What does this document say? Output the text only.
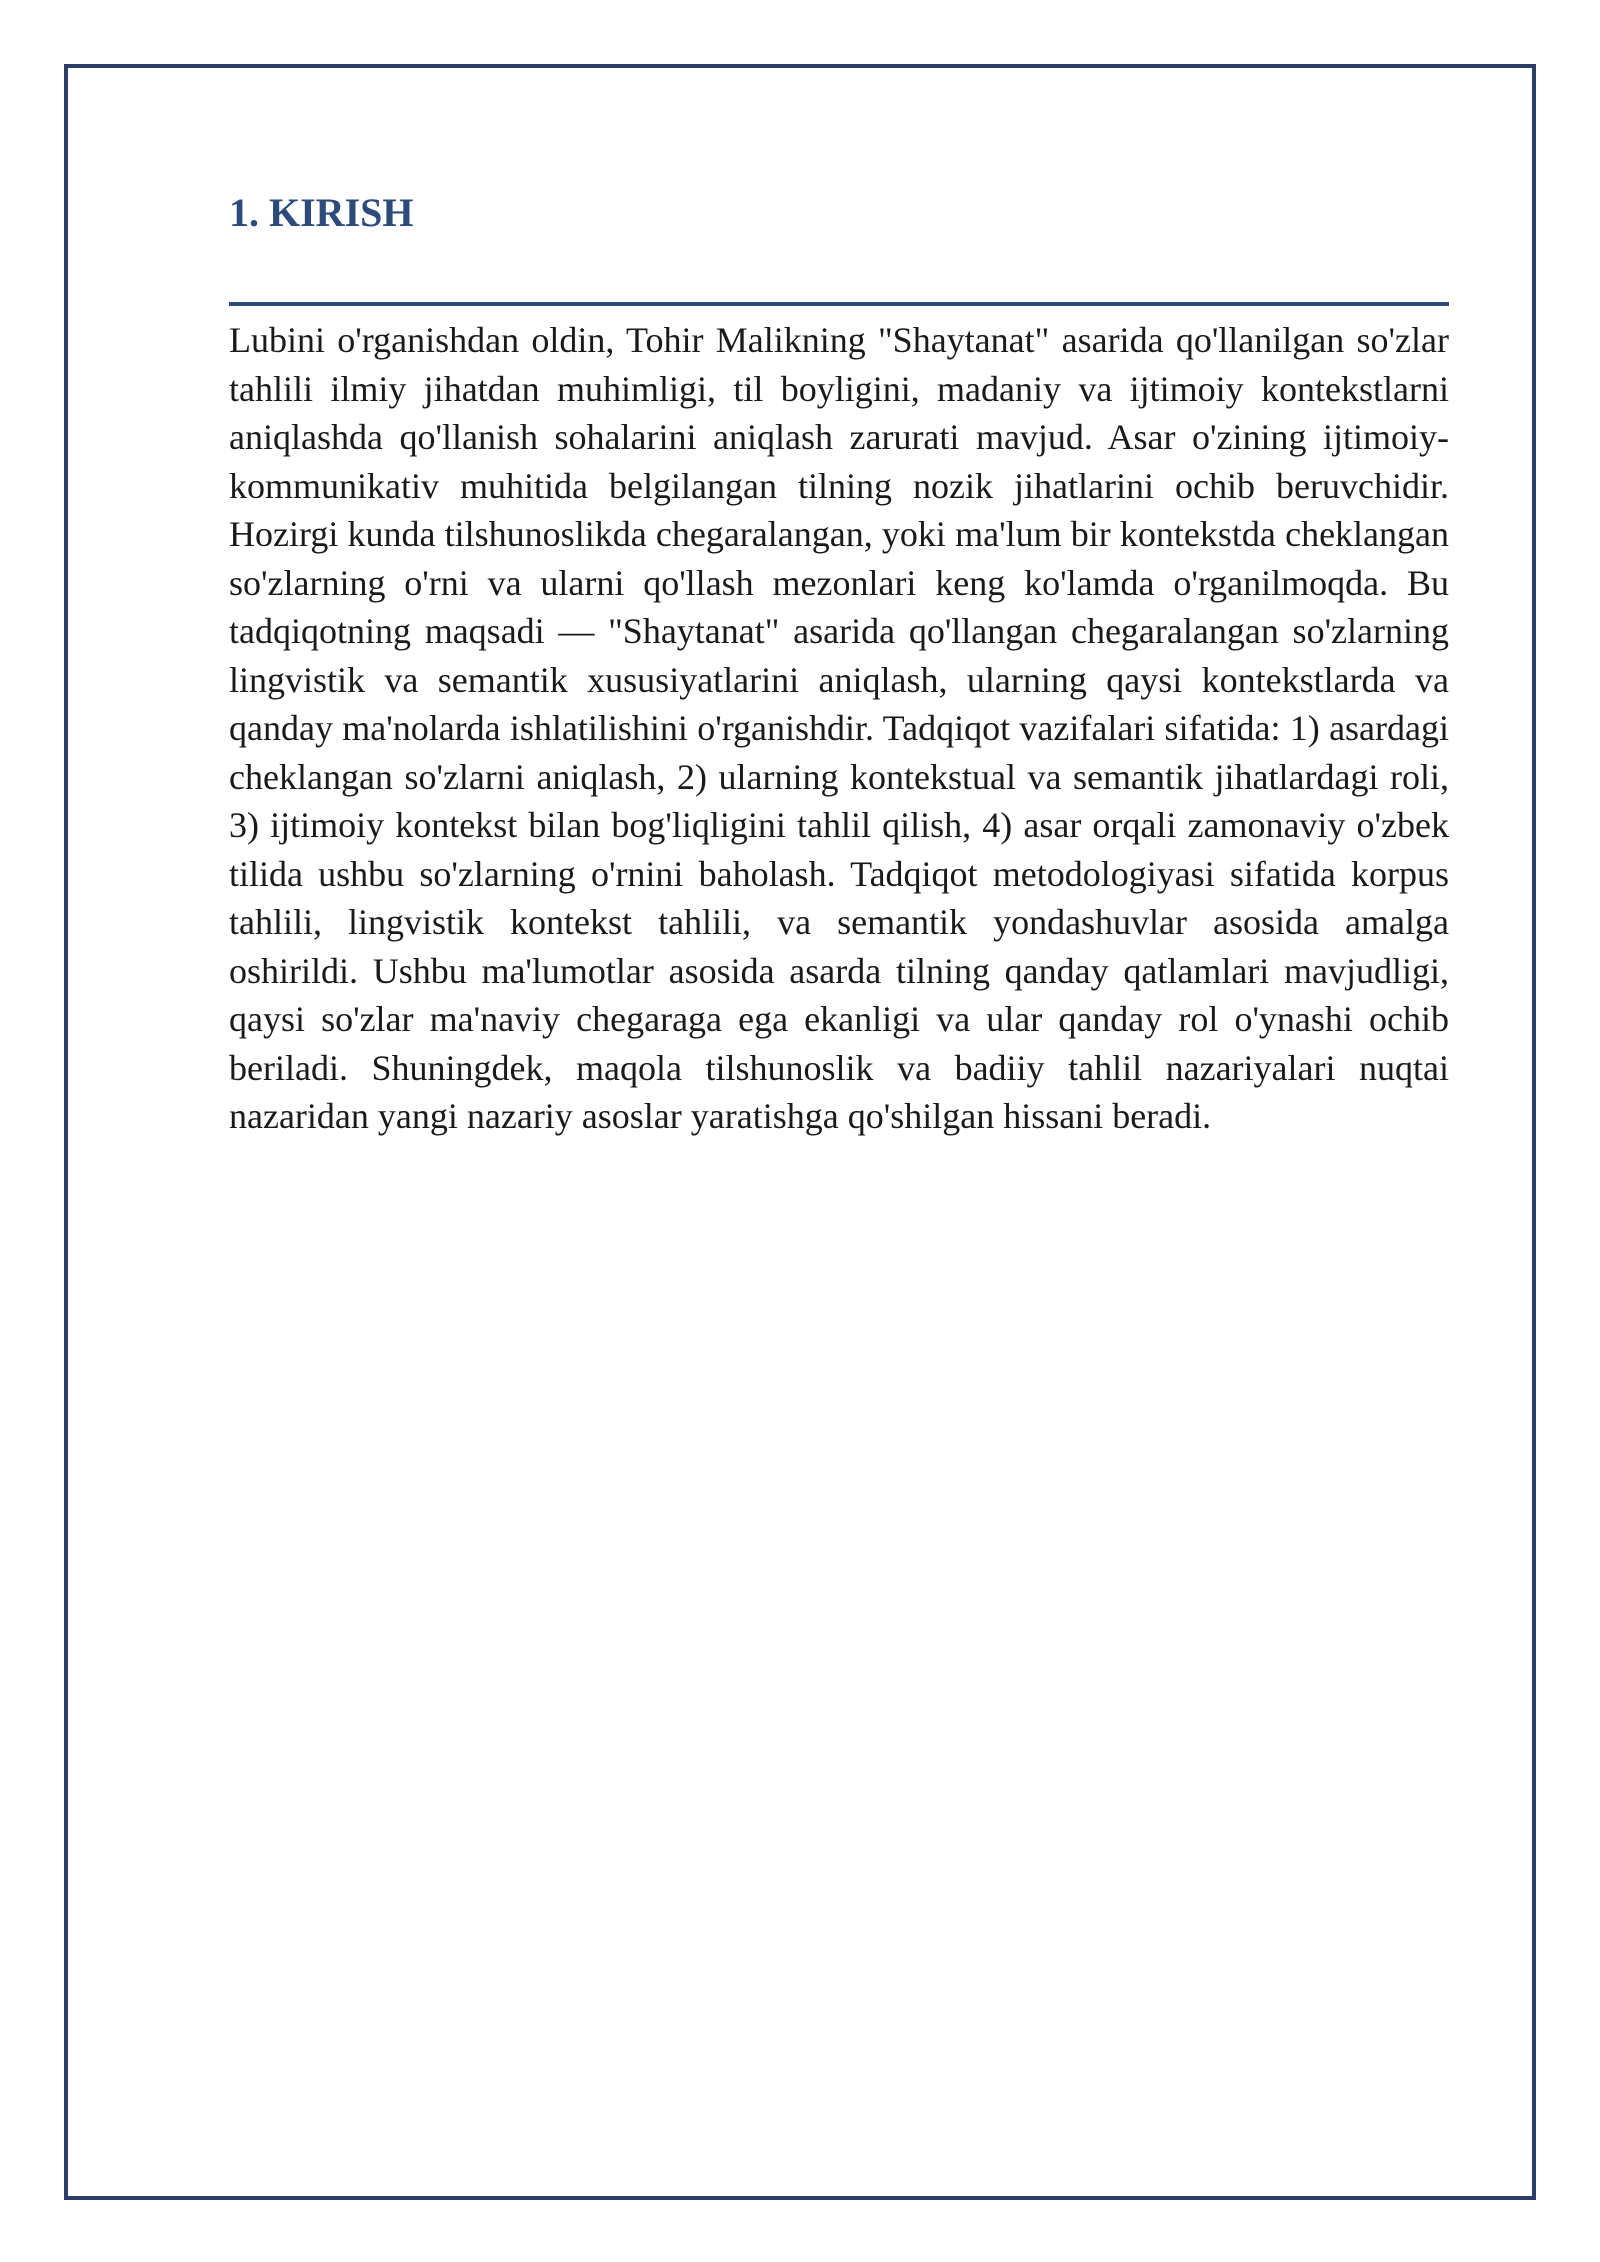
1. KIRISH

Lubini o'rganishdan oldin, Tohir Malikning "Shaytanat" asarida qo'llanilgan so'zlar tahlili ilmiy jihatdan muhimligi, til boyligini, madaniy va ijtimoiy kontekstlarni aniqlashda qo'llanish sohalarini aniqlash zarurati mavjud. Asar o'zining ijtimoiy-kommunikativ muhitida belgilangan tilning nozik jihatlarini ochib beruvchidir. Hozirgi kunda tilshunoslikda chegaralangan, yoki ma'lum bir kontekstda cheklangan so'zlarning o'rni va ularni qo'llash mezonlari keng ko'lamda o'rganilmoqda. Bu tadqiqotning maqsadi — "Shaytanat" asarida qo'llangan chegaralangan so'zlarning lingvistik va semantik xususiyatlarini aniqlash, ularning qaysi kontekstlarda va qanday ma'nolarda ishlatilishini o'rganishdir. Tadqiqot vazifalari sifatida: 1) asardagi cheklangan so'zlarni aniqlash, 2) ularning kontekstual va semantik jihatlardagi roli, 3) ijtimoiy kontekst bilan bog'liqligini tahlil qilish, 4) asar orqali zamonaviy o'zbek tilida ushbu so'zlarning o'rnini baholash. Tadqiqot metodologiyasi sifatida korpus tahlili, lingvistik kontekst tahlili, va semantik yondashuvlar asosida amalga oshirildi. Ushbu ma'lumotlar asosida asarda tilning qanday qatlamlari mavjudligi, qaysi so'zlar ma'naviy chegaraga ega ekanligi va ular qanday rol o'ynashi ochib beriladi. Shuningdek, maqola tilshunoslik va badiiy tahlil nazariyalari nuqtai nazaridan yangi nazariy asoslar yaratishga qo'shilgan hissani beradi.
